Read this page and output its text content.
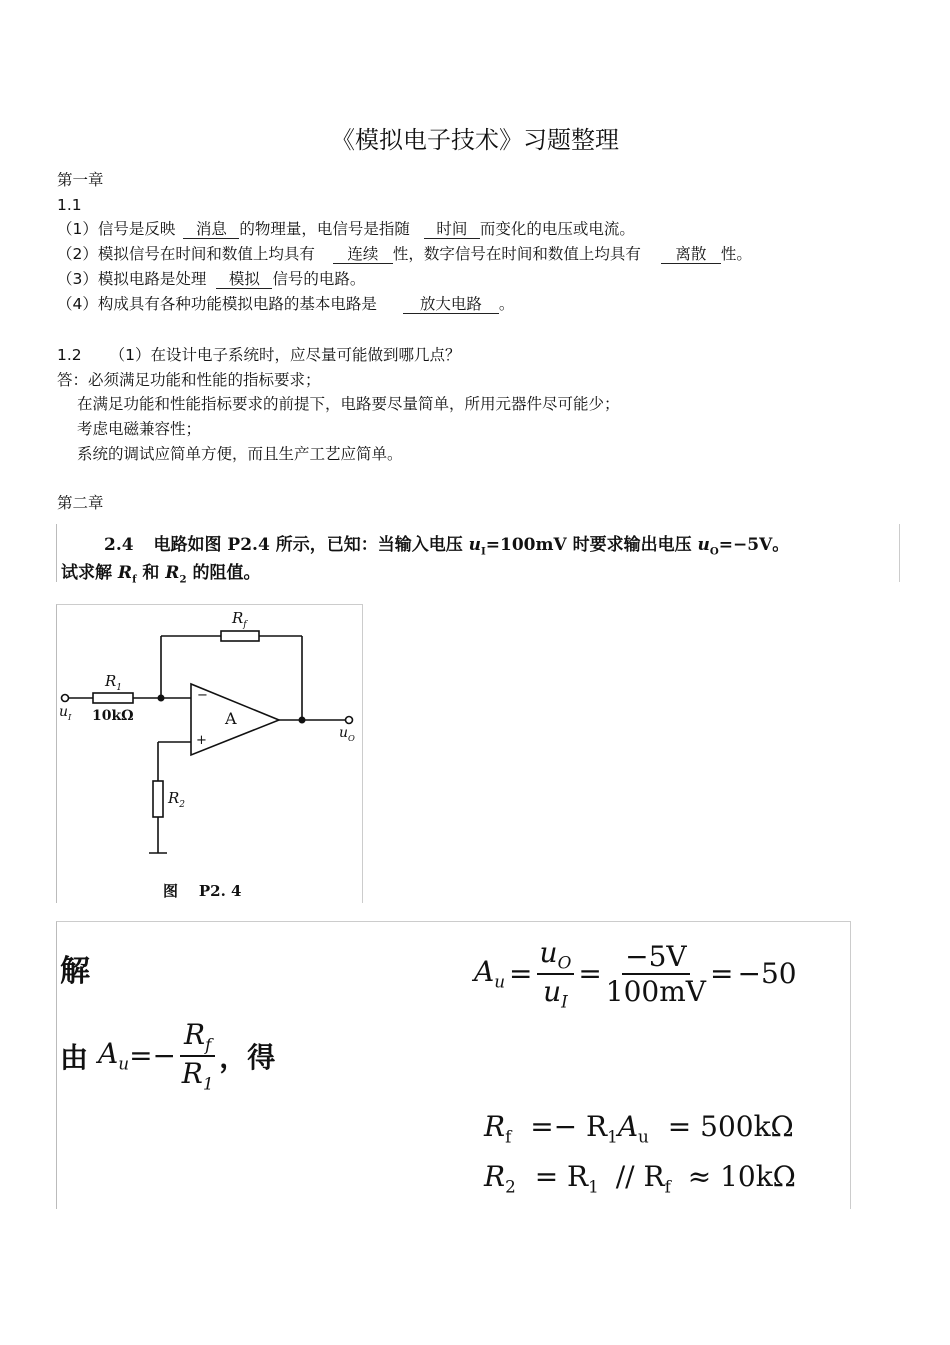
《模拟电子技术》习题整理
第一章
1.1
（1）信号是反映 消息 的物理量，电信号是指随 时间 而变化的电压或电流。
（2）模拟信号在时间和数值上均具有 连续 性，数字信号在时间和数值上均具有 离散 性。
（3）模拟电路是处理 模拟 信号的电路。
（4）构成具有各种功能模拟电路的基本电路是	放大电路 。
1.2 （1）在设计电子系统时，应尽量可能做到哪几点？
答：必须满足功能和性能的指标要求；
在满足功能和性能指标要求的前提下，电路要尽量简单，所用元器件尽可能少；
考虑电磁兼容性；
系统的调试应简单方便，而且生产工艺应简单。
第二章
2.4 电路如图 P2.4 所示，已知：当输入电压 $u_I=100mV$ 时要求输出电压 $u_O=-5V$。
试求解 $R_f$ 和 $R_2$ 的阻值。
$R_f$
$R_1$
10kΩ
$R_2$
A
−
+
$u_I$
$u_O$
图    P2. 4
解
由 $A_u =- \frac{R_f}{R_1}$ ，得
$A_u = \frac{u_O}{u_I} = \frac{-5V}{100mV} = -50$
$R_f =- R_1A_u = 500k\Omega$
$R_2 = R_1 // R_f \approx 10k\Omega$
